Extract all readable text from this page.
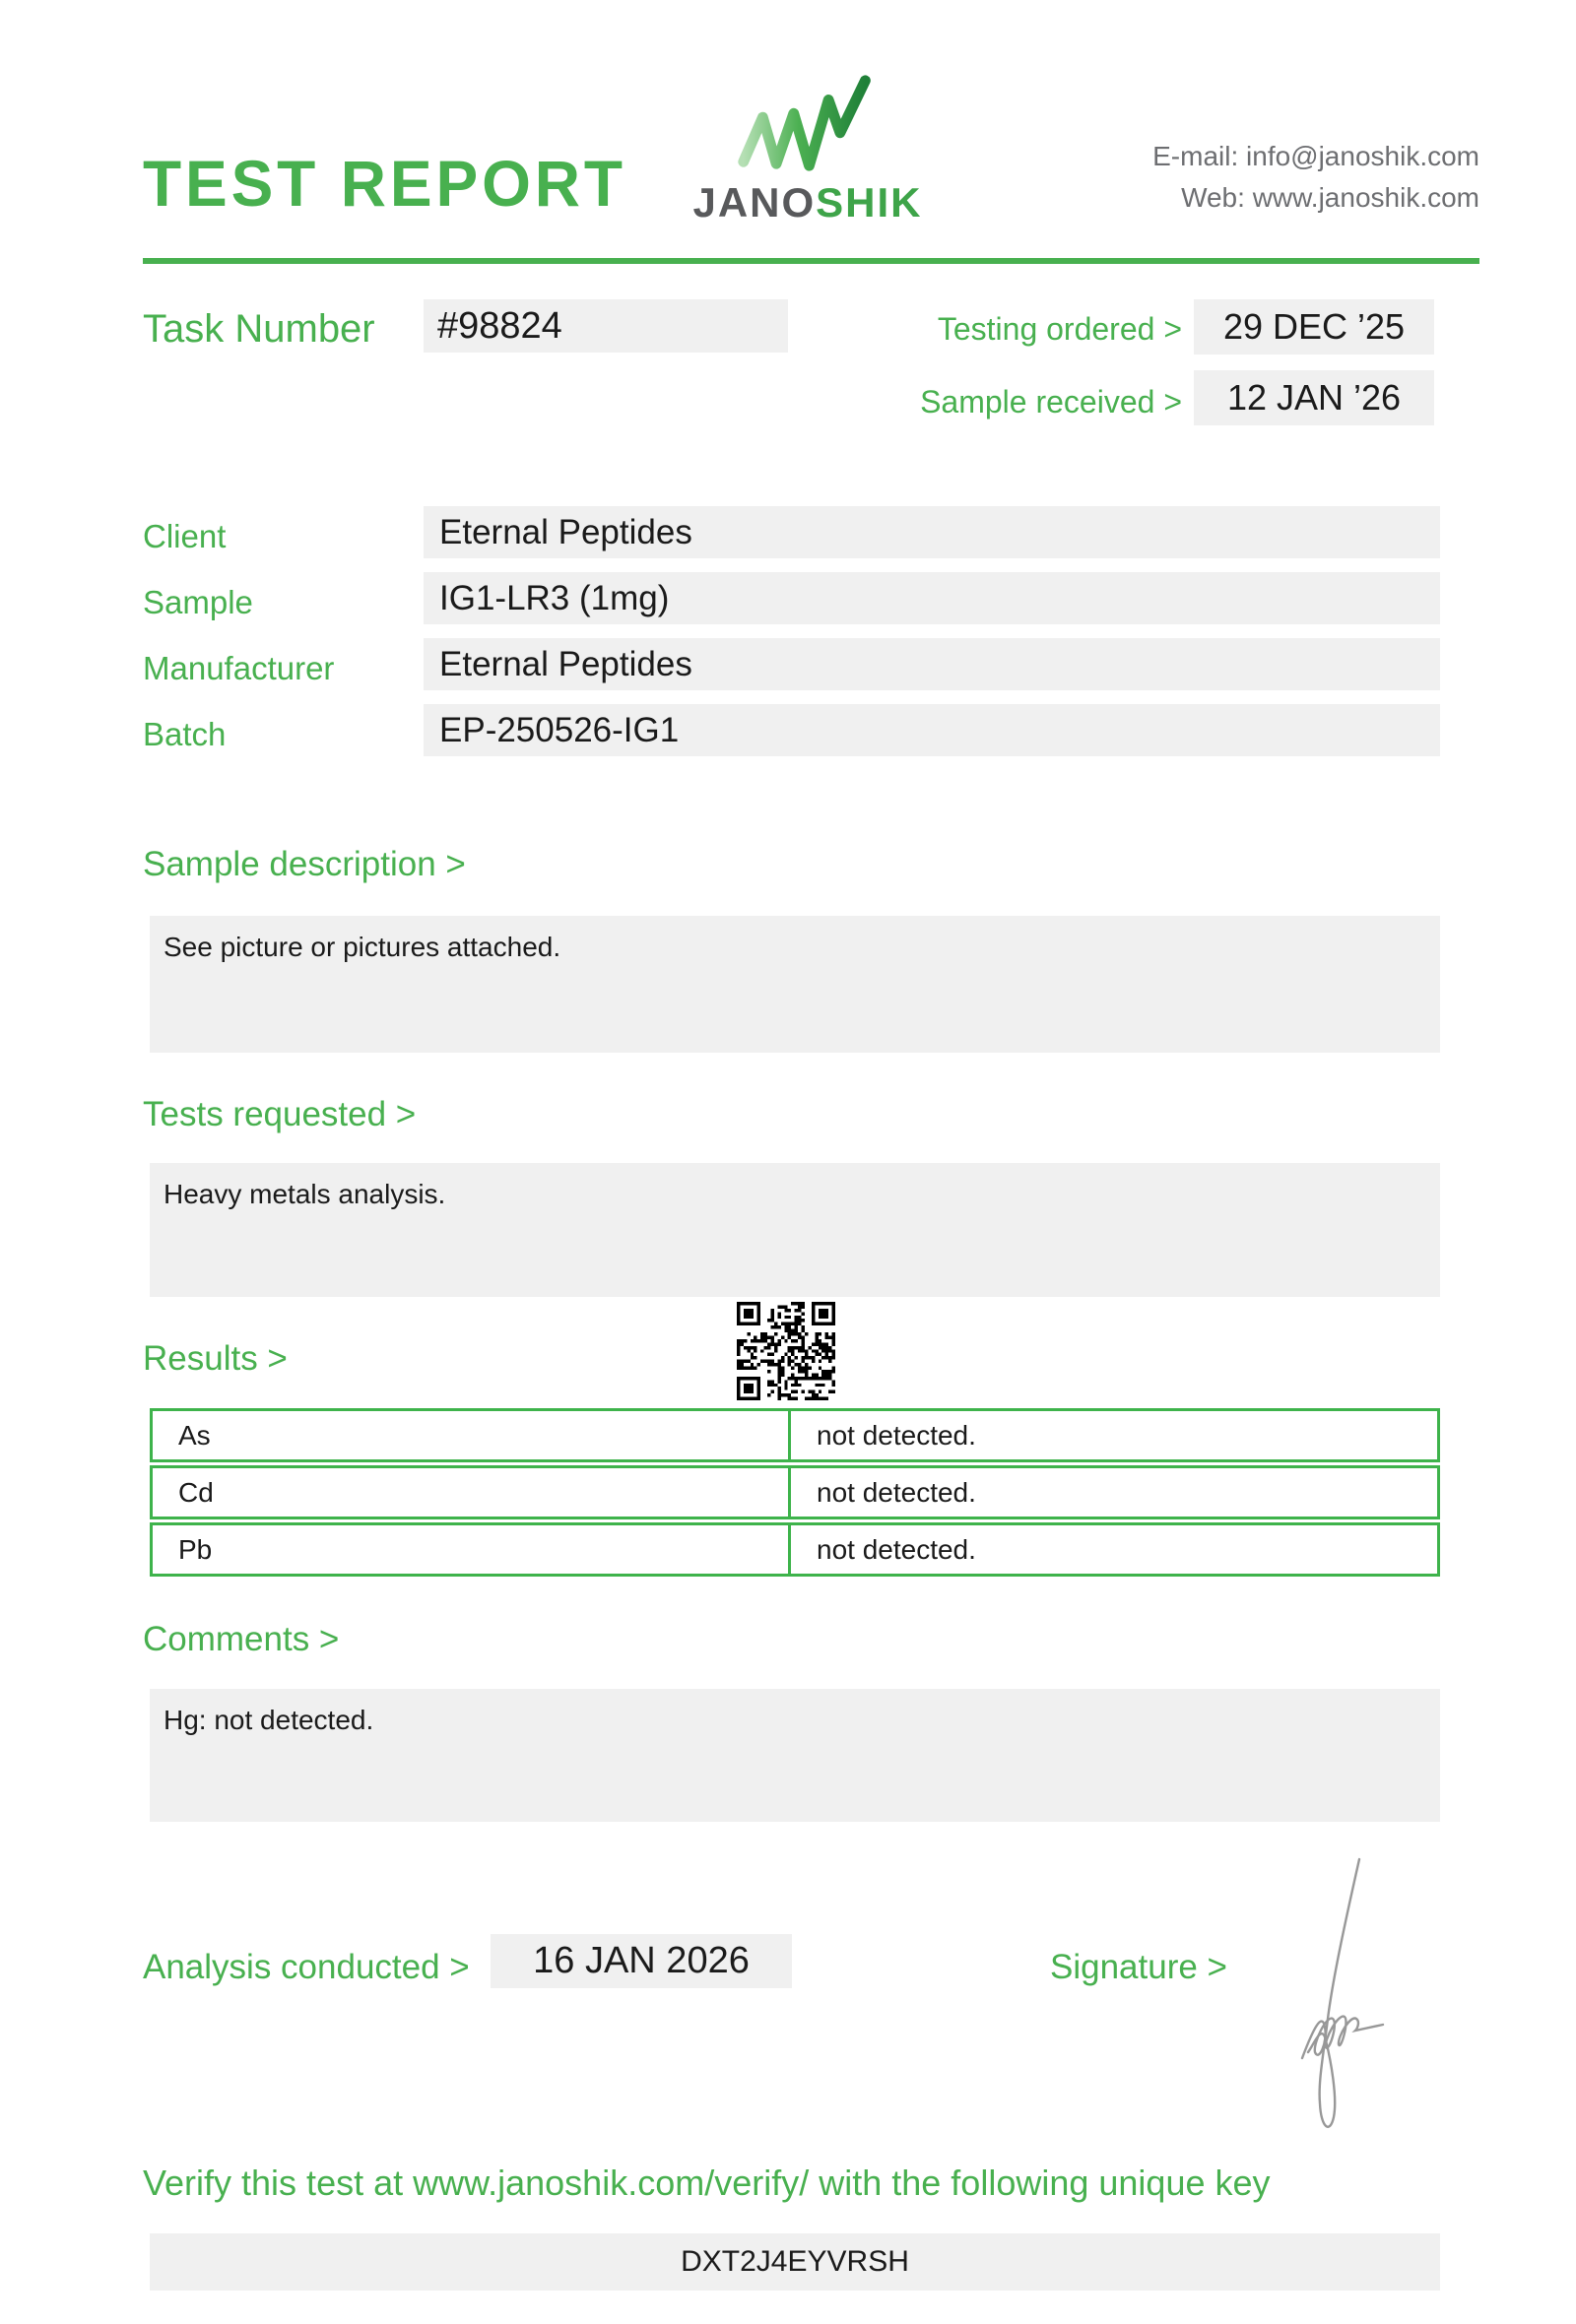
TEST REPORT	JANOSHIK
E-mail: info@janoshik.com
Web: www.janoshik.com
Task Number	#98824	Testing ordered >	29 DEC ’25
Sample received >	12 JAN ’26
Client	Eternal Peptides
Sample	IG1-LR3 (1mg)
Manufacturer	Eternal Peptides
Batch	EP-250526-IG1
Sample description >
See picture or pictures attached.
Tests requested >
Heavy metals analysis.
Results >
As	not detected.
Cd	not detected.
Pb	not detected.
Comments >
Hg: not detected.
Analysis conducted >	16 JAN 2026	Signature >
Verify this test at www.janoshik.com/verify/ with the following unique key
DXT2J4EYVRSH
